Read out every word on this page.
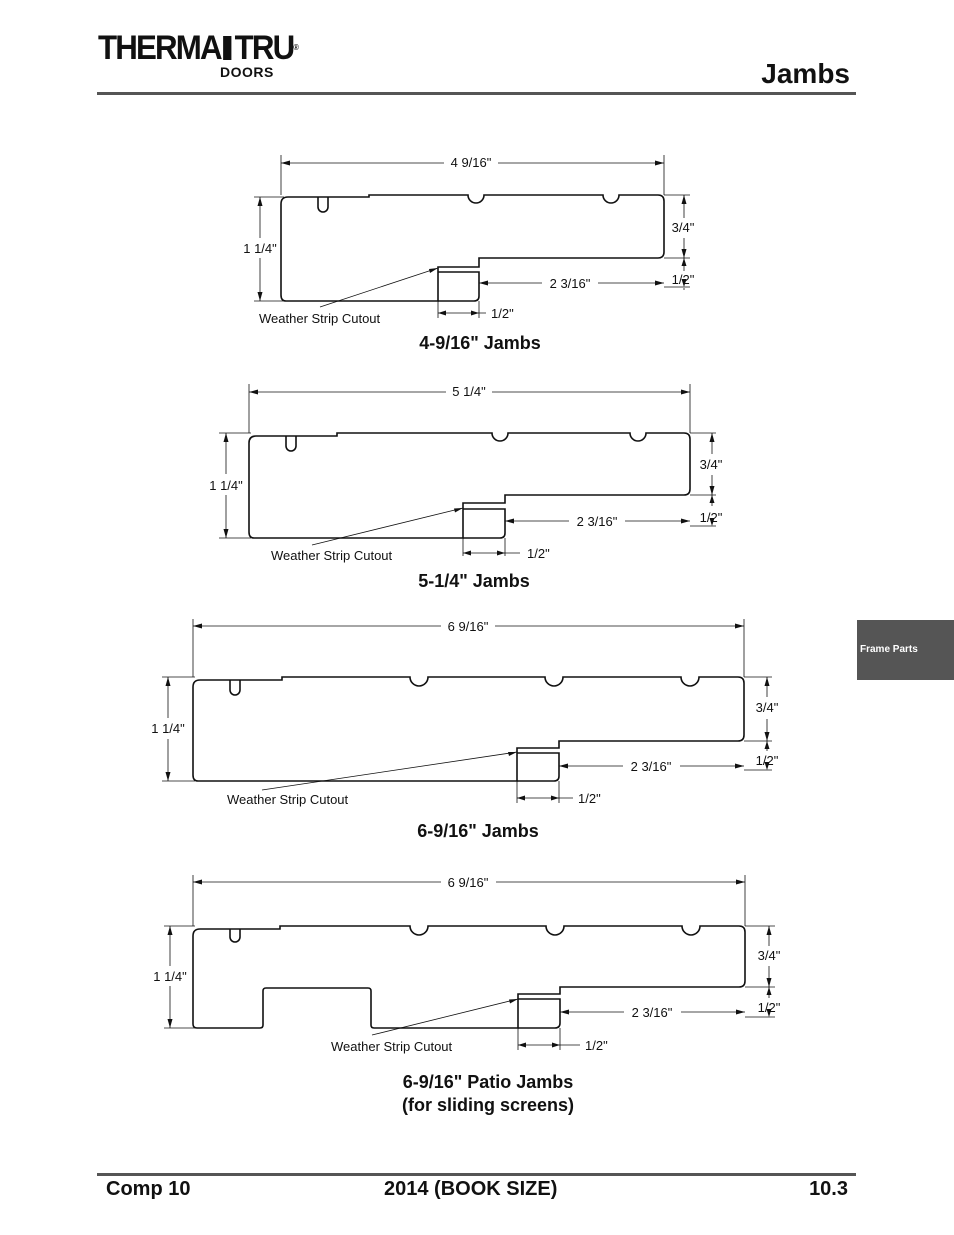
THERMA TRU®
DOORS	Jambs
Frame Parts
4 9/16"
1 1/4"
3/4"
1/2"
2 3/16"
1/2"
Weather Strip Cutout
5 1/4"
1 1/4"
3/4"
1/2"
2 3/16"
1/2"
Weather Strip Cutout
6 9/16"
1 1/4"
3/4"
1/2"
2 3/16"
1/2"
Weather Strip Cutout
6 9/16"
1 1/4"
3/4"
1/2"
2 3/16"
1/2"
Weather Strip Cutout
4-9/16" Jambs
5-1/4" Jambs
6-9/16" Jambs
6-9/16" Patio Jambs
(for sliding screens)
Comp 10	2014 (BOOK SIZE)	10.3
